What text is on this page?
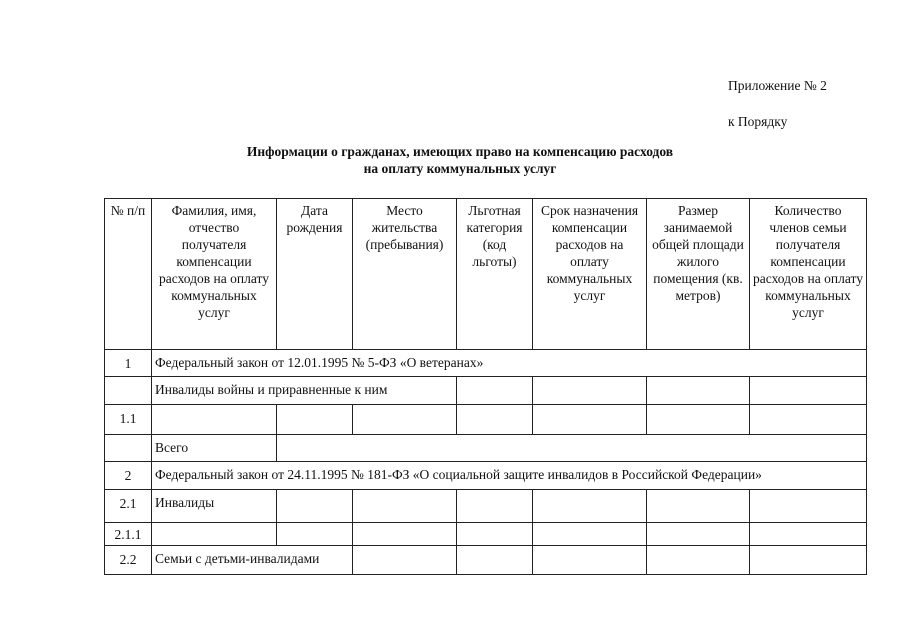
Приложение № 2
к Порядку
Информации о гражданах, имеющих право на компенсацию расходов
на оплату коммунальных услуг
№ п/п	Фамилия, имя, отчество получателя компенсации расходов на оплату коммунальных услуг	Дата рождения	Место жительства (пребывания)	Льготная категория (код льготы)	Срок назначения компенсации расходов на оплату коммунальных услуг	Размер занимаемой общей площади жилого помещения (кв. метров)	Количество членов семьи получателя компенсации расходов на оплату коммунальных услуг
1	Федеральный закон от 12.01.1995 № 5-ФЗ «О ветеранах»						
	Инвалиды войны и приравненные к ним						
1.1							
	Всего						
2	Федеральный закон от 24.11.1995 № 181-ФЗ «О социальной защите инвалидов в Российской Федерации»						
2.1	Инвалиды						
2.1.1							
2.2	Семьи с детьми-инвалидами						
